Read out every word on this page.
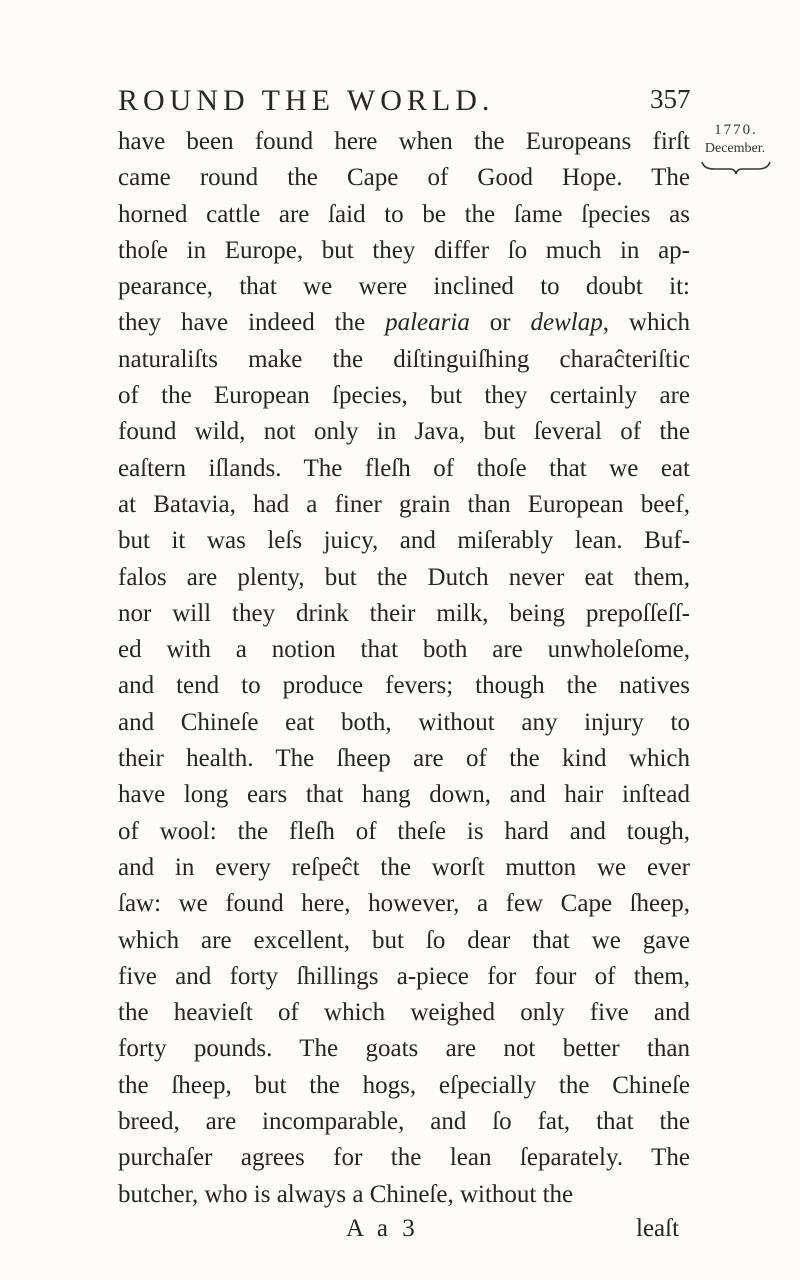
ROUND THE WORLD.	357
1770.
December.
have been found here when the Europeans firſt
came round the Cape of Good Hope. The
horned cattle are ſaid to be the ſame ſpecies as
thoſe in Europe, but they differ ſo much in ap-
pearance, that we were inclined to doubt it:
they have indeed the palearia or dewlap, which
naturaliſts make the diſtinguiſhing charaĉteriſtic
of the European ſpecies, but they certainly are
found wild, not only in Java, but ſeveral of the
eaſtern iſlands. The fleſh of thoſe that we eat
at Batavia, had a finer grain than European beef,
but it was leſs juicy, and miſerably lean. Buf-
falos are plenty, but the Dutch never eat them,
nor will they drink their milk, being prepoſſeſſ-
ed with a notion that both are unwholeſome,
and tend to produce fevers; though the natives
and Chineſe eat both, without any injury to
their health. The ſheep are of the kind which
have long ears that hang down, and hair inſtead
of wool: the fleſh of theſe is hard and tough,
and in every reſpeĉt the worſt mutton we ever
ſaw: we found here, however, a few Cape ſheep,
which are excellent, but ſo dear that we gave
five and forty ſhillings a-piece for four of them,
the heavieſt of which weighed only five and
forty pounds. The goats are not better than
the ſheep, but the hogs, eſpecially the Chineſe
breed, are incomparable, and ſo fat, that the
purchaſer agrees for the lean ſeparately. The
butcher, who is always a Chineſe, without the
A a 3	leaſt
